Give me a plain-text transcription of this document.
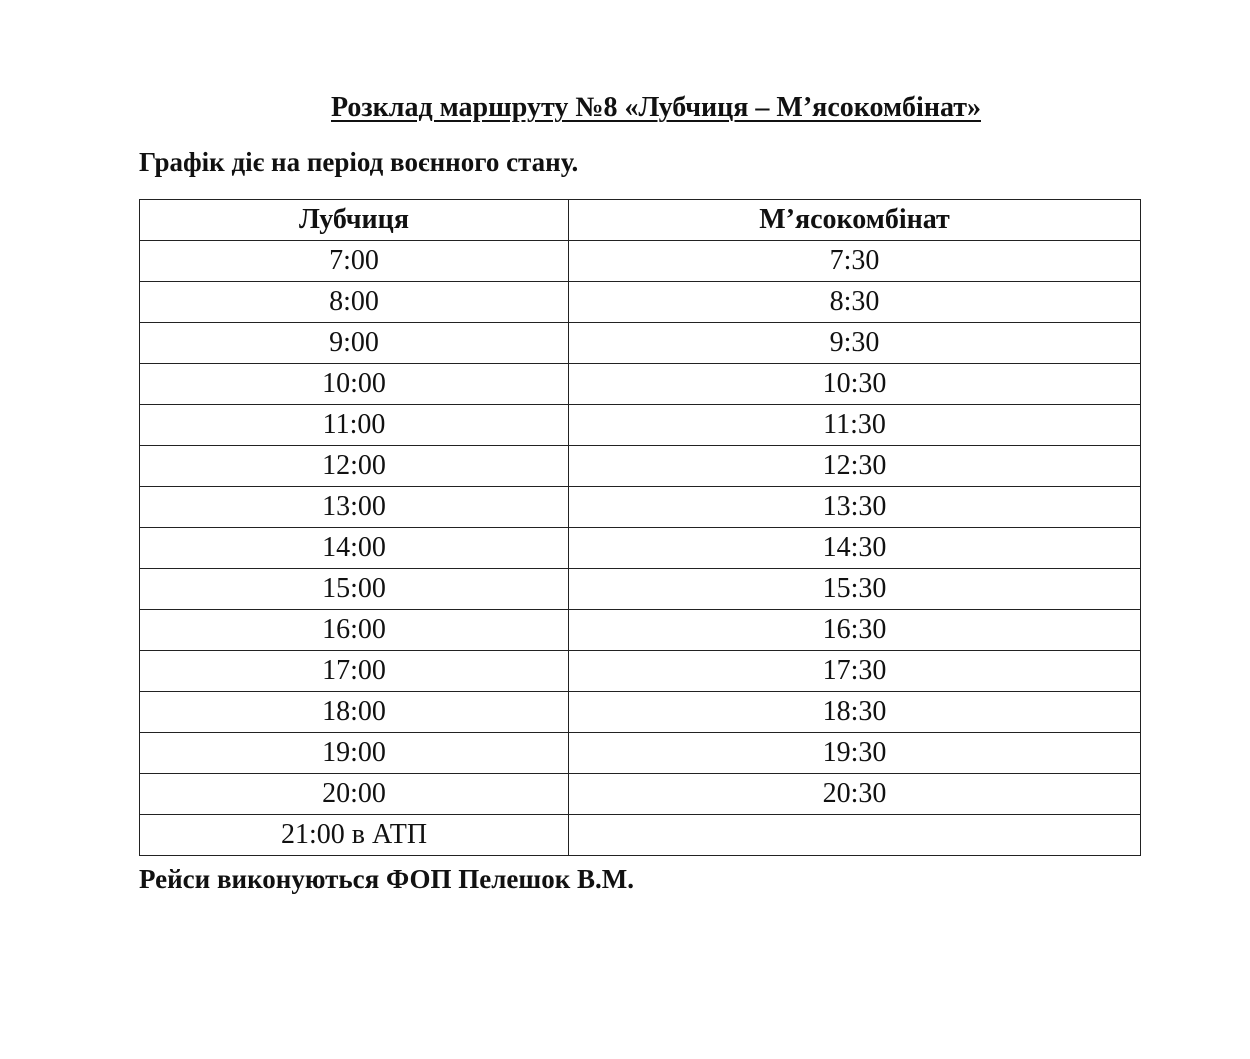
Розклад маршруту №8 «Лубчиця – М’ясокомбінат»
Графік діє на період воєнного стану.
Лубчиця	М’ясокомбінат
7:00	7:30
8:00	8:30
9:00	9:30
10:00	10:30
11:00	11:30
12:00	12:30
13:00	13:30
14:00	14:30
15:00	15:30
16:00	16:30
17:00	17:30
18:00	18:30
19:00	19:30
20:00	20:30
21:00 в АТП	
Рейси виконуються ФОП Пелешок В.М.
